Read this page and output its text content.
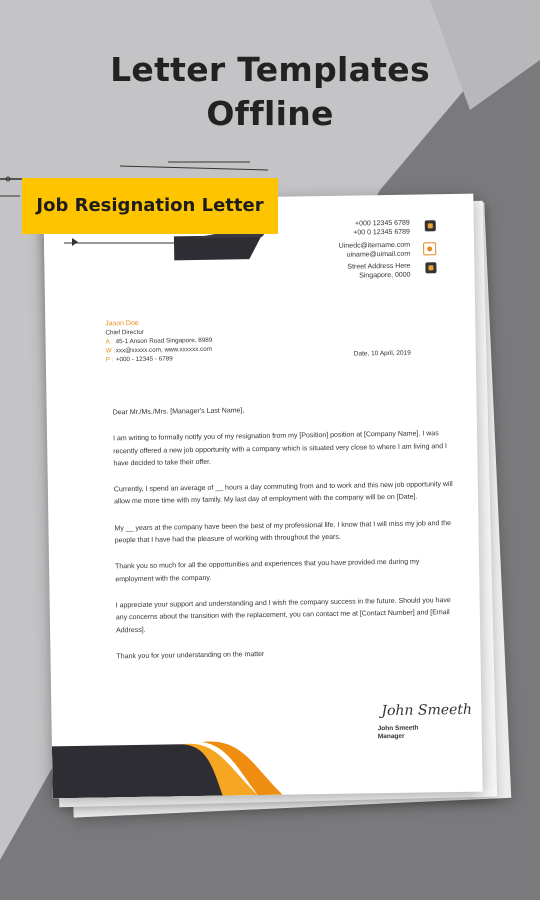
Letter Templates
Offline
+000 12345 6789
+00 0 12345 6789
Uinedc@itername.com
uiname@uimail.com
Street Address Here
Singapore, 0000
Jason Doe
Chief Director
A : 45-1 Anson Road Singapore, 8989
W :xxx@xxxxx.com, www.xxxxxx.com
P : +000 - 12345 - 6789
Date, 10 April, 2019

Dear Mr./Ms./Mrs. [Manager's Last Name],

I am writing to formally notify you of my resignation from my [Position] position at [Company Name]. I was recently offered a new job opportunity with a company which is situated very close to where I am living and I have decided to take their offer.

Currently, I spend an average of __ hours a day commuting from and to work and this new job opportunity will allow me more time with my family. My last day of employment with the company will be on [Date].

My __ years at the company have been the best of my professional life. I know that I will miss my job and the people that I have had the pleasure of working with throughout the years.

Thank you so much for all the opportunities and experiences that you have provided me during my employment with the company.

I appreciate your support and understanding and I wish the company success in the future. Should you have any concerns about the transition with the replacement, you can contact me at [Contact Number] and [Email Address].

Thank you for your understanding on the matter

John Smeeth
John Smeeth
Manager
Job Resignation Letter
